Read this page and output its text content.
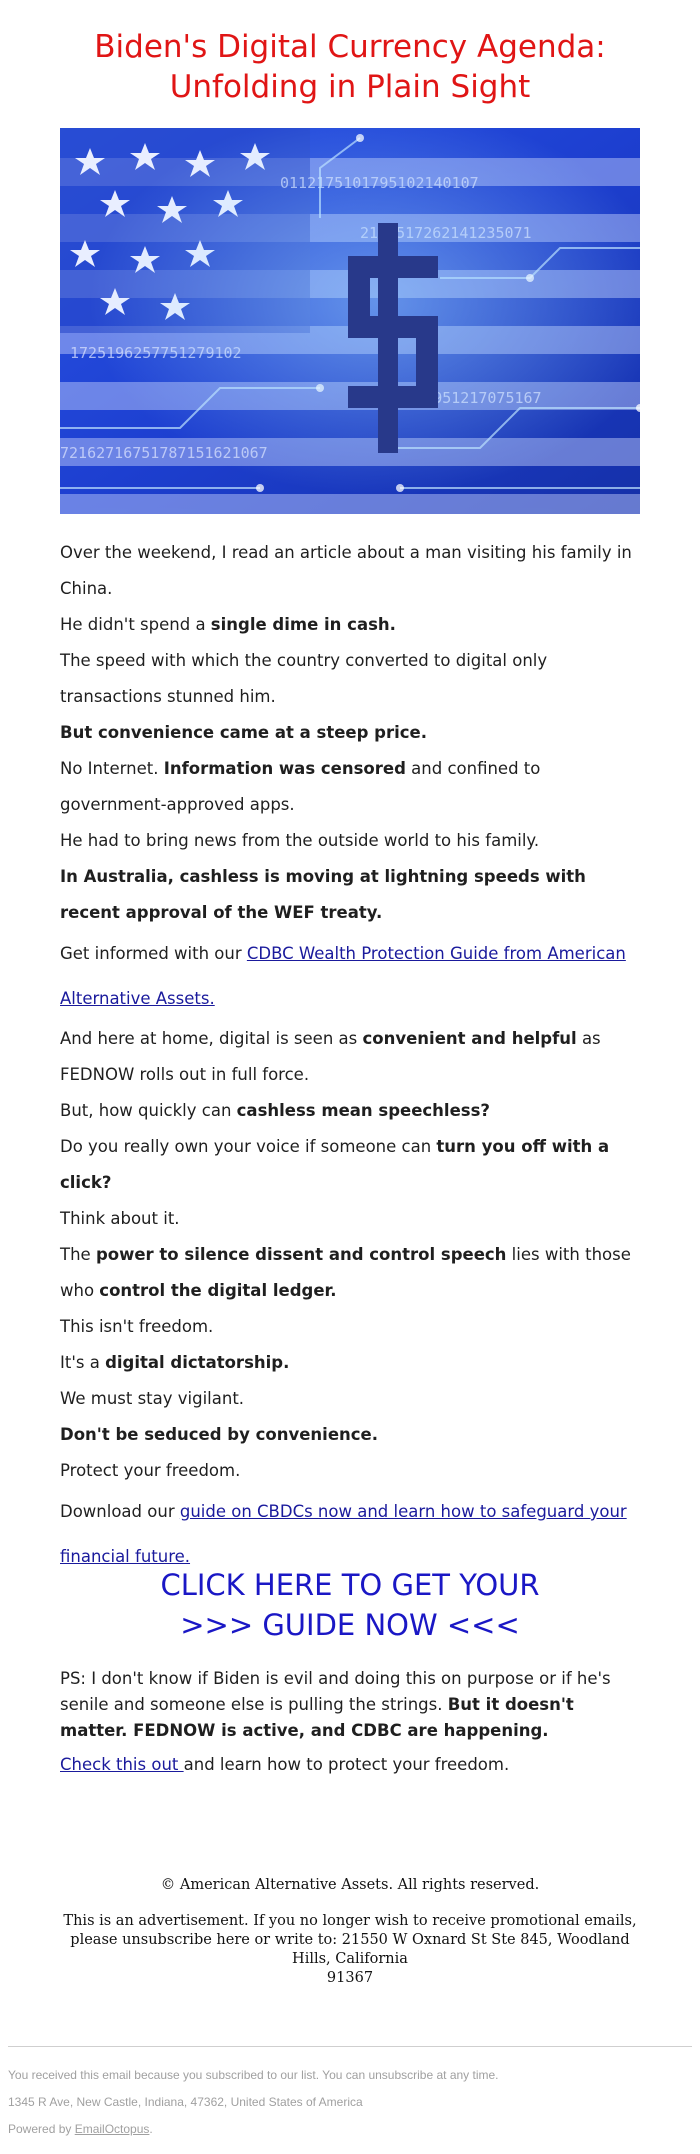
Biden's Digital Currency Agenda:
Unfolding in Plain Sight

Over the weekend, I read an article about a man visiting his family in China.

He didn't spend a single dime in cash.

The speed with which the country converted to digital only transactions stunned him.

But convenience came at a steep price.

No Internet. Information was censored and confined to government-approved apps.

He had to bring news from the outside world to his family.

In Australia, cashless is moving at lightning speeds with recent approval of the WEF treaty.

Get informed with our CDBC Wealth Protection Guide from American Alternative Assets.

And here at home, digital is seen as convenient and helpful as FEDNOW rolls out in full force.

But, how quickly can cashless mean speechless?

Do you really own your voice if someone can turn you off with a click?

Think about it.

The power to silence dissent and control speech lies with those

who control the digital ledger.

This isn't freedom.

It's a digital dictatorship.

We must stay vigilant.

Don't be seduced by convenience.

Protect your freedom.

Download our guide on CBDCs now and learn how to safeguard your financial future.

CLICK HERE TO GET YOUR
>>> GUIDE NOW <<<

PS: I don't know if Biden is evil and doing this on purpose or if he's senile and someone else is pulling the strings. But it doesn't matter. FEDNOW is active, and CDBC are happening.

Check this out and learn how to protect your freedom.

© American Alternative Assets. All rights reserved.
This is an advertisement. If you no longer wish to receive promotional emails,
please unsubscribe here or write to: 21550 W Oxnard St Ste 845, Woodland Hills, California
91367
You received this email because you subscribed to our list. You can unsubscribe at any time.
1345 R Ave, New Castle, Indiana, 47362, United States of America
Powered by EmailOctopus.
